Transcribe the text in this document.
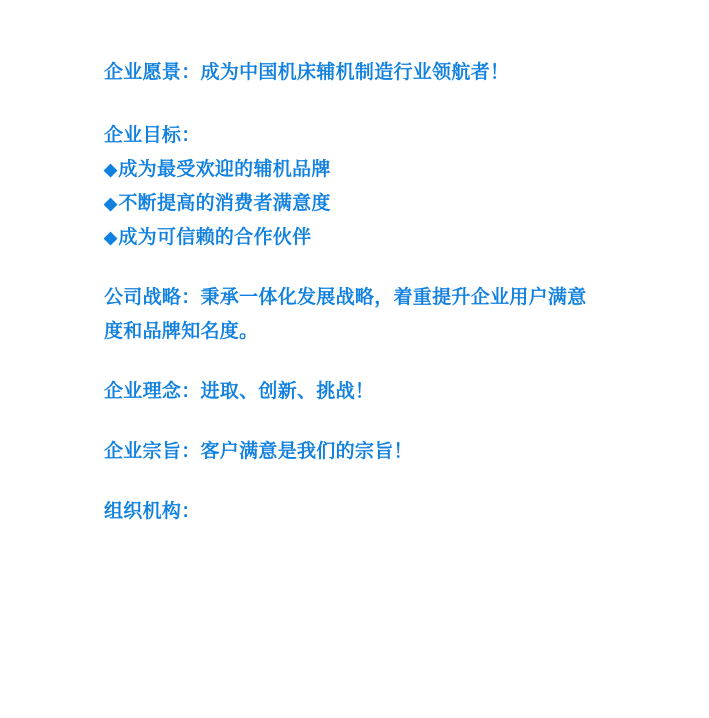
企业愿景：成为中国机床辅机制造行业领航者！
企业目标：
◆成为最受欢迎的辅机品牌
◆不断提高的消费者满意度
◆成为可信赖的合作伙伴
公司战略：秉承一体化发展战略，着重提升企业用户满意度和品牌知名度。
企业理念：进取、创新、挑战！
企业宗旨：客户满意是我们的宗旨！
组织机构：
